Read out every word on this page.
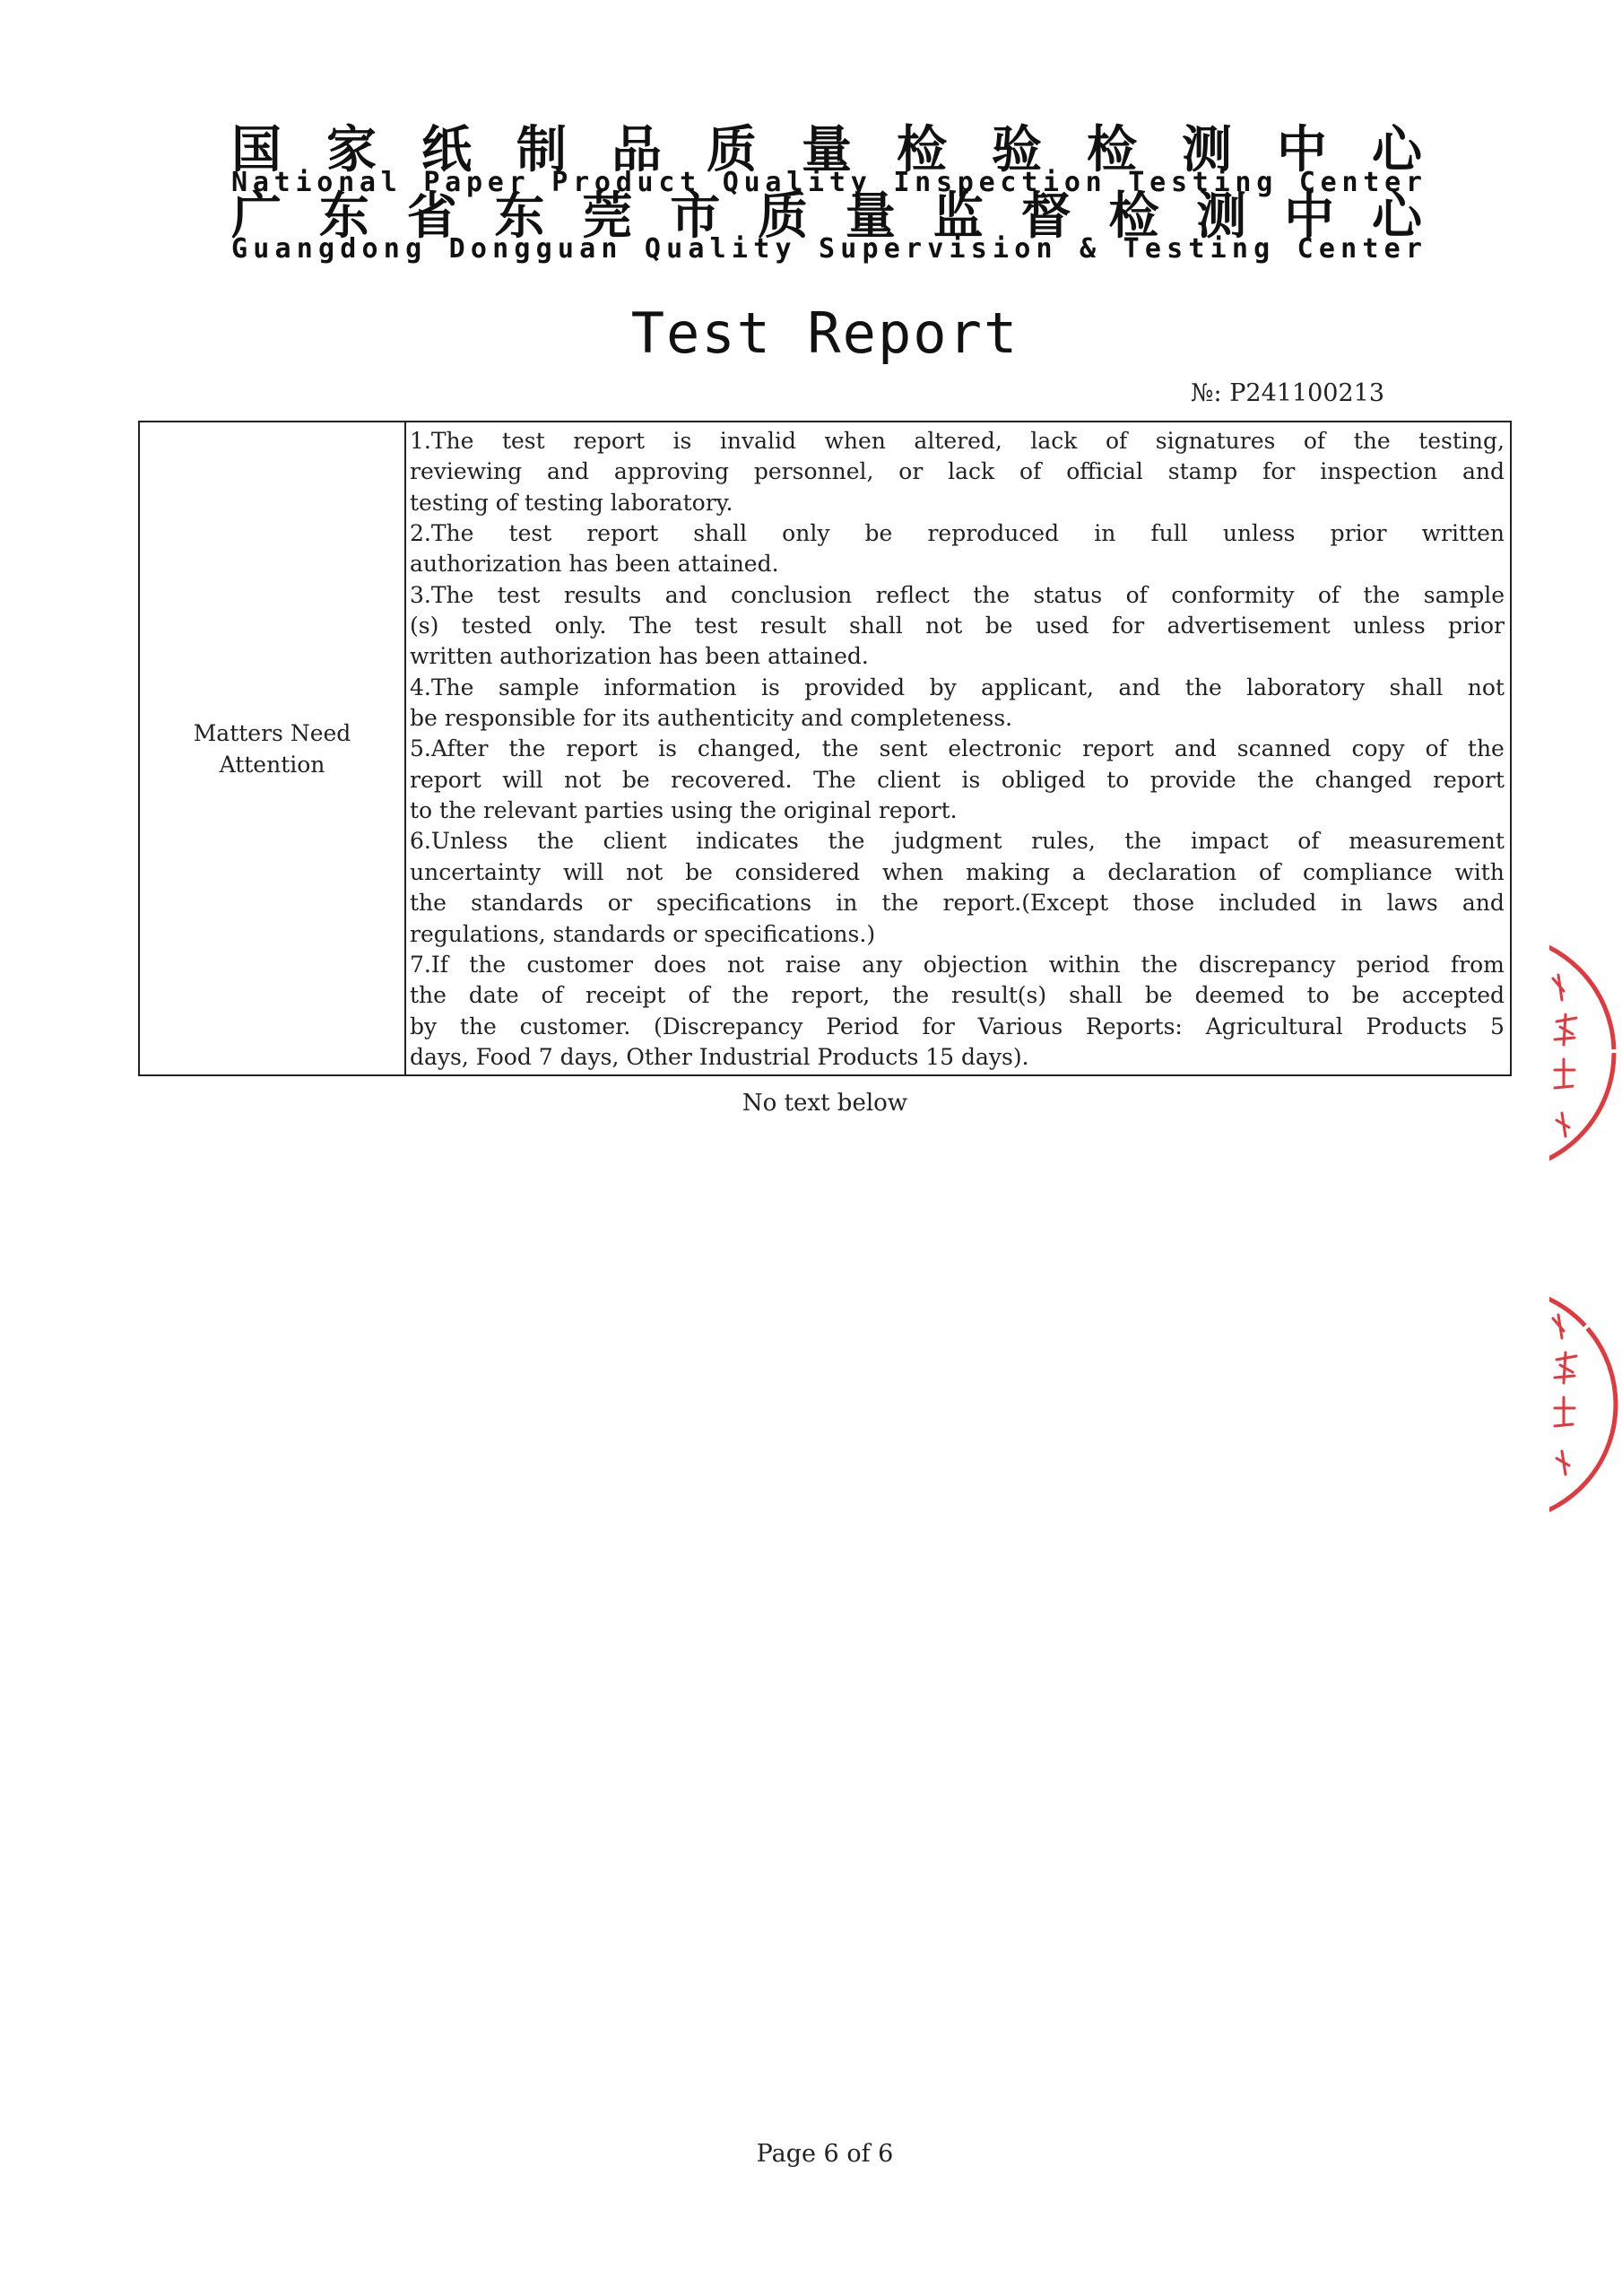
国 家 纸 制 品 质 量 检 验 检 测 中 心
National Paper Product Quality Inspection Testing Center
广 东 省 东 莞 市 质 量 监 督 检 测 中 心
Guangdong Dongguan Quality Supervision & Testing Center
Test Report
№: P241100213
Matters Need
Attention
1.The test report is invalid when altered, lack of signatures of the testing,
reviewing and approving personnel, or lack of official stamp for inspection and
testing of testing laboratory.
2.The test report shall only be reproduced in full unless prior written
authorization has been attained.
3.The test results and conclusion reflect the status of conformity of the sample
(s) tested only. The test result shall not be used for advertisement unless prior
written authorization has been attained.
4.The sample information is provided by applicant, and the laboratory shall not
be responsible for its authenticity and completeness.
5.After the report is changed, the sent electronic report and scanned copy of the
report will not be recovered. The client is obliged to provide the changed report
to the relevant parties using the original report.
6.Unless the client indicates the judgment rules, the impact of measurement
uncertainty will not be considered when making a declaration of compliance with
the standards or specifications in the report.(Except those included in laws and
regulations, standards or specifications.)
7.If the customer does not raise any objection within the discrepancy period from
the date of receipt of the report, the result(s) shall be deemed to be accepted
by the customer. (Discrepancy Period for Various Reports: Agricultural Products 5
days, Food 7 days, Other Industrial Products 15 days).
No text below
Page 6 of 6
